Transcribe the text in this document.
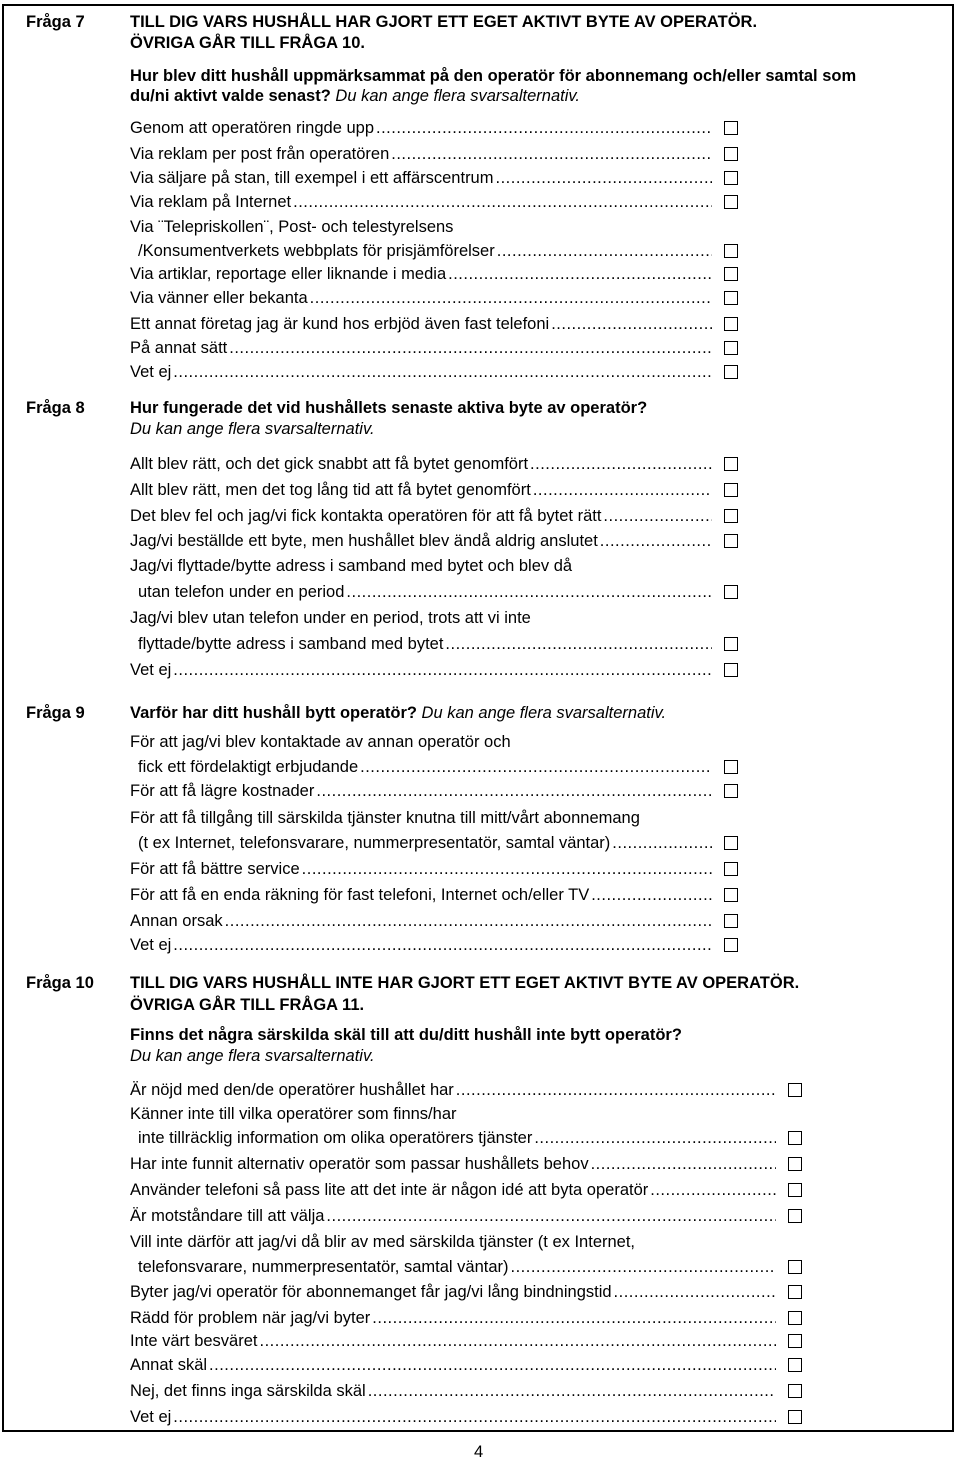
Fråga 7	TILL DIG VARS HUSHÅLL HAR GJORT ETT EGET AKTIVT BYTE AV OPERATÖR.
ÖVRIGA GÅR TILL FRÅGA 10.
Hur blev ditt hushåll uppmärksammat på den operatör för abonnemang och/eller samtal som
du/ni aktivt valde senast? Du kan ange flera svarsalternativ.
Genom att operatören ringde upp
.....
Via reklam per post från operatören
.....
Via säljare på stan, till exempel i ett affärscentrum
.....
Via reklam på Internet
.....
Via ¨Telepriskollen¨, Post- och telestyrelsens
/Konsumentverkets webbplats för prisjämförelser
.....
Via artiklar, reportage eller liknande i media
.....
Via vänner eller bekanta
.....
Ett annat företag jag är kund hos erbjöd även fast telefoni
.....
På annat sätt
.....
Vet ej
.....
Fråga 8	Hur fungerade det vid hushållets senaste aktiva byte av operatör?
Du kan ange flera svarsalternativ.
Allt blev rätt, och det gick snabbt att få bytet genomfört
.....
Allt blev rätt, men det tog lång tid att få bytet genomfört
.....
Det blev fel och jag/vi fick kontakta operatören för att få bytet rätt
.....
Jag/vi beställde ett byte, men hushållet blev ändå aldrig anslutet
.....
Jag/vi flyttade/bytte adress i samband med bytet och blev då
utan telefon under en period
.....
Jag/vi blev utan telefon under en period, trots att vi inte
flyttade/bytte adress i samband med bytet
.....
Vet ej
.....
Fråga 9	Varför har ditt hushåll bytt operatör? Du kan ange flera svarsalternativ.
För att jag/vi blev kontaktade av annan operatör och
fick ett fördelaktigt erbjudande
.....
För att få lägre kostnader
.....
För att få tillgång till särskilda tjänster knutna till mitt/vårt abonnemang
(t ex Internet, telefonsvarare, nummerpresentatör, samtal väntar)
.....
För att få bättre service
.....
För att få en enda räkning för fast telefoni, Internet och/eller TV
.....
Annan orsak
.....
Vet ej
.....
Fråga 10 TILL DIG VARS HUSHÅLL INTE HAR GJORT ETT EGET AKTIVT BYTE AV OPERATÖR.
ÖVRIGA GÅR TILL FRÅGA 11.
Finns det några särskilda skäl till att du/ditt hushåll inte bytt operatör?
Du kan ange flera svarsalternativ.
Är nöjd med den/de operatörer hushållet har
.....
Känner inte till vilka operatörer som finns/har
inte tillräcklig information om olika operatörers tjänster
.....
Har inte funnit alternativ operatör som passar hushållets behov
.....
Använder telefoni så pass lite att det inte är någon idé att byta operatör
.....
Är motståndare till att välja
.....
Vill inte därför att jag/vi då blir av med särskilda tjänster (t ex Internet,
telefonsvarare, nummerpresentatör, samtal väntar)
.....
Byter jag/vi operatör för abonnemanget får jag/vi lång bindningstid
.....
Rädd för problem när jag/vi byter
.....
Inte värt besväret
.....
Annat skäl
.....
Nej, det finns inga särskilda skäl
.....
Vet ej
.....
4
